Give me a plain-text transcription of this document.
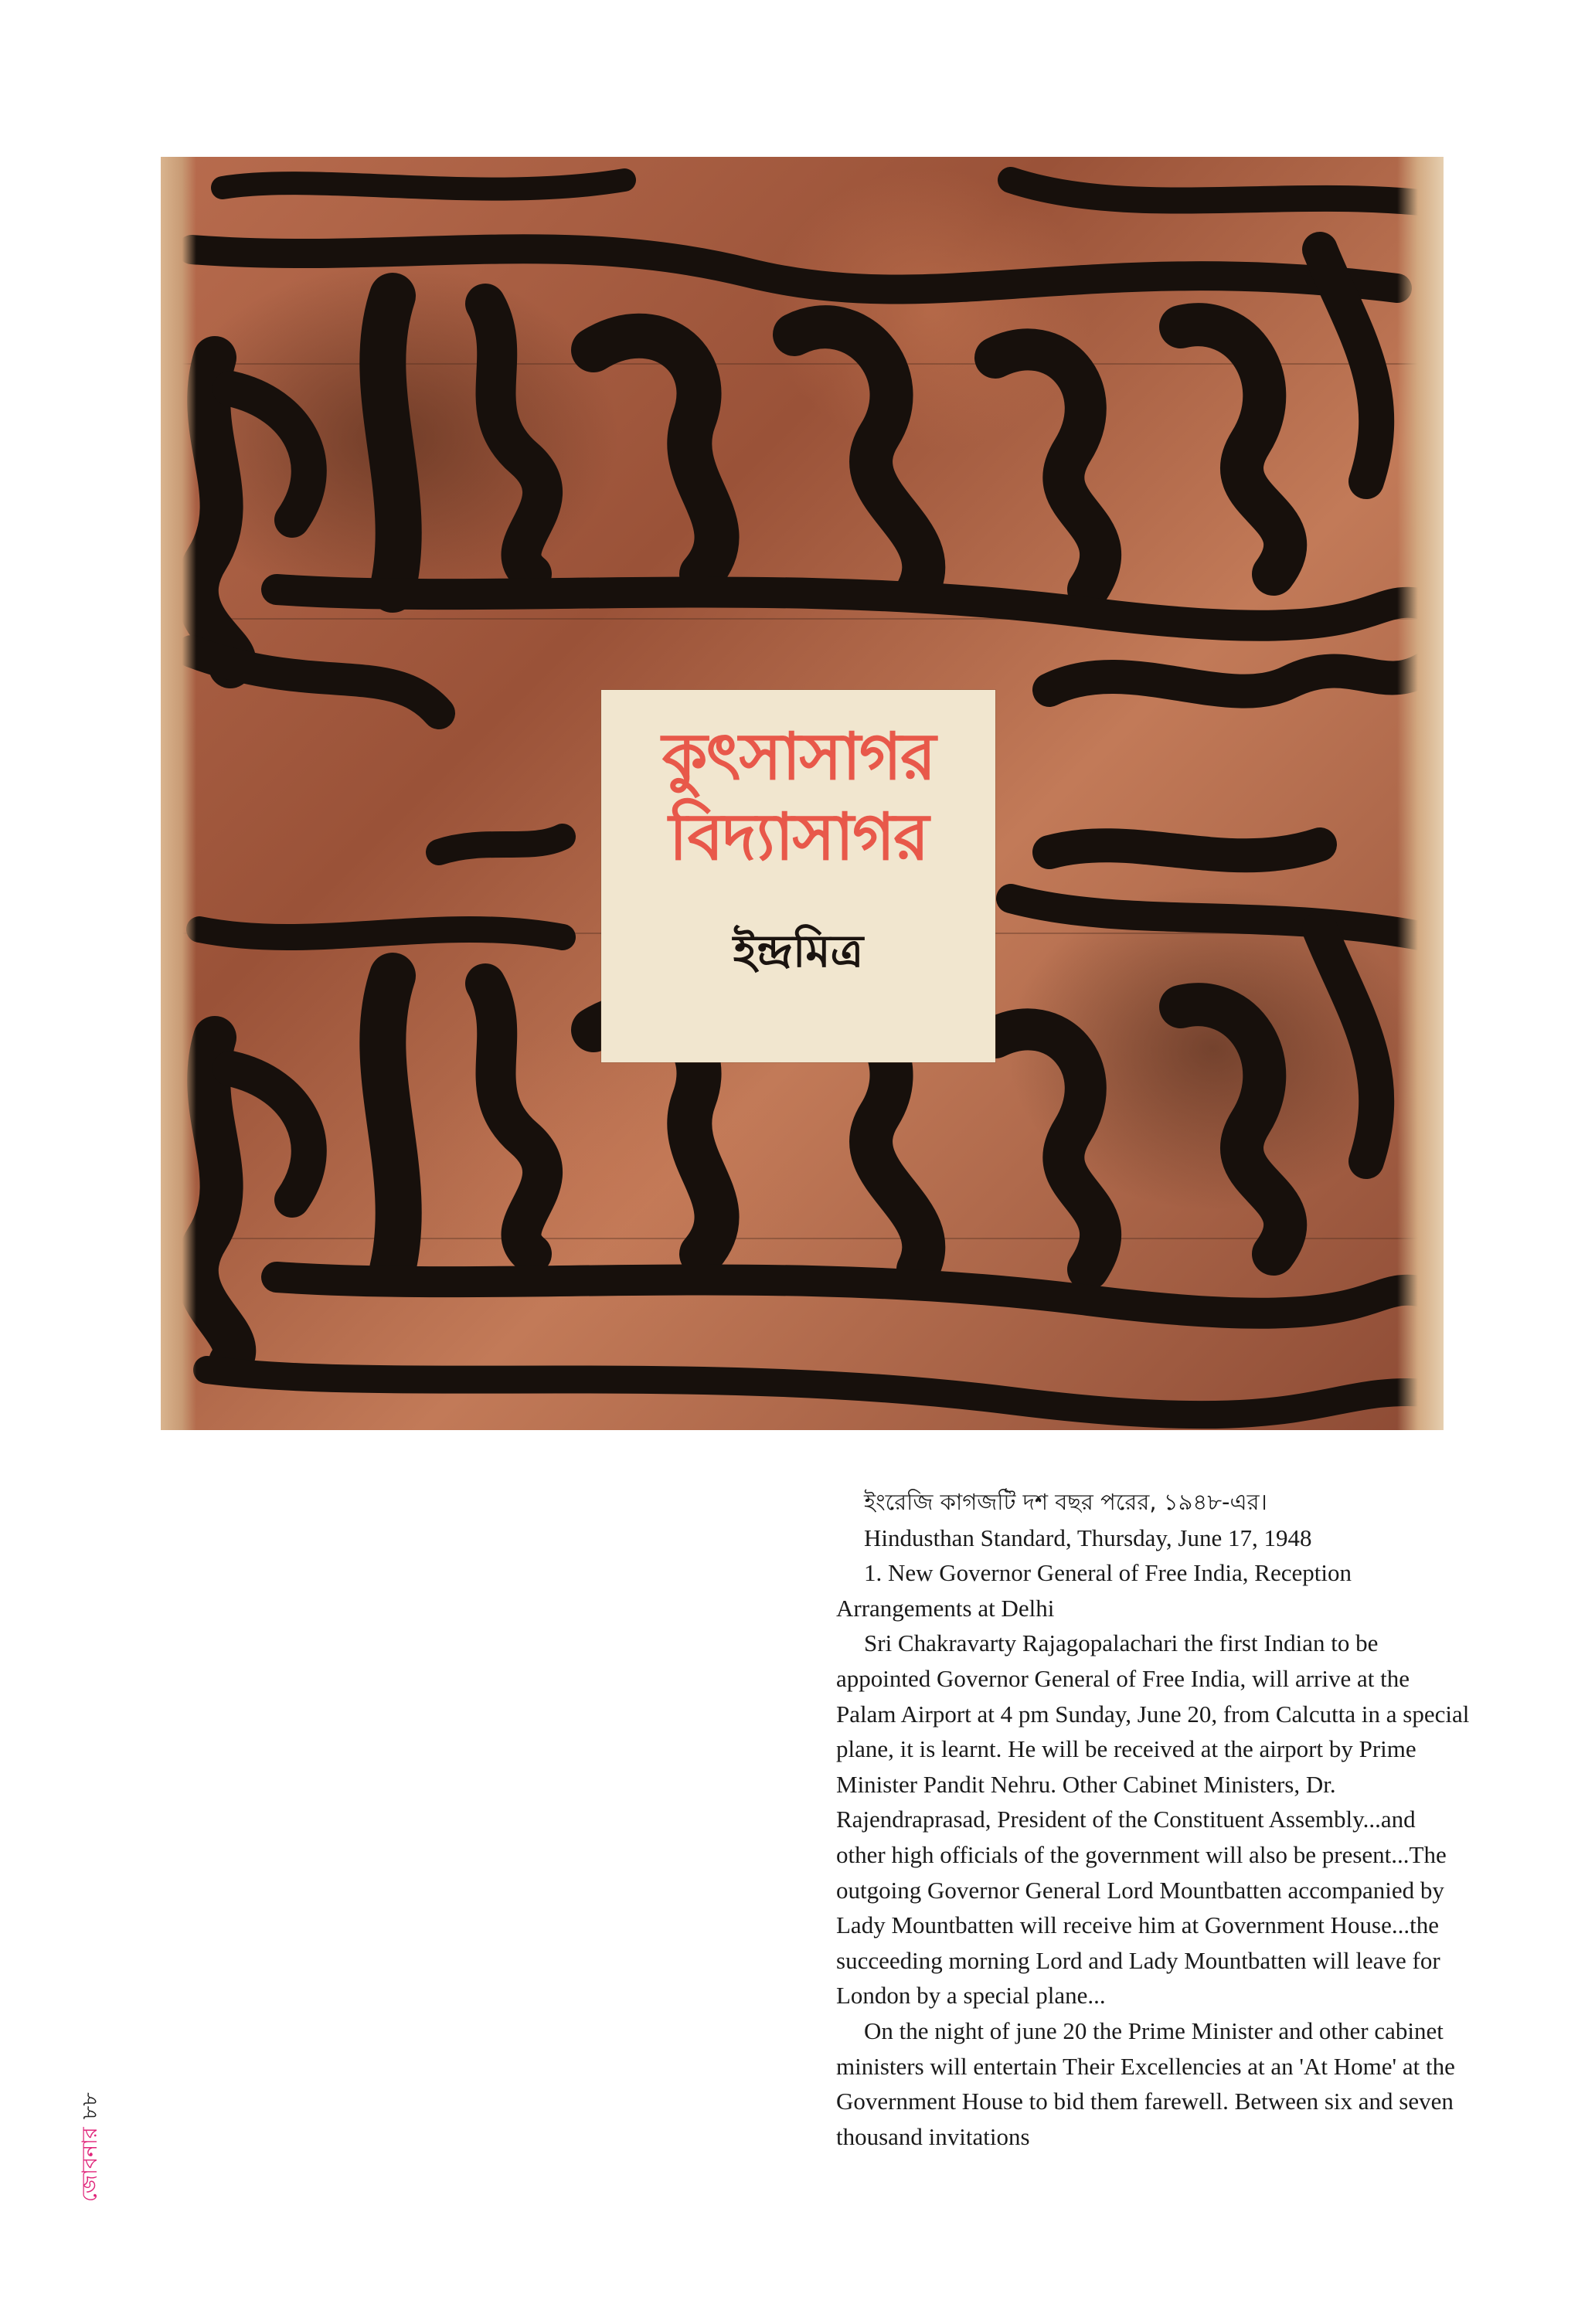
কুৎসাসাগর
বিদ্যাসাগর
ইন্দ্রমিত্র

ইংরেজি কাগজটি দশ বছর পরের, ১৯৪৮-এর।

Hindusthan Standard, Thursday, June 17, 1948

1. New Governor General of Free India, Reception Arrangements at Delhi

Sri Chakravarty Rajagopalachari the first Indian to be appointed Governor General of Free India, will arrive at the Palam Airport at 4 pm Sunday, June 20, from Calcutta in a special plane, it is learnt. He will be received at the airport by Prime Minister Pandit Nehru. Other Cabinet Ministers, Dr. Rajendraprasad, President of the Constituent Assembly...and other high officials of the government will also be present...The outgoing Governor General Lord Mountbatten accompanied by Lady Mountbatten will receive him at Government House...the succeeding morning Lord and Lady Mountbatten will leave for London by a special plane...

On the night of june 20 the Prime Minister and other cabinet ministers will entertain Their Excellencies at an 'At Home' at the Government House to bid them farewell. Between six and seven thousand invitations

জোবনার৮৮
